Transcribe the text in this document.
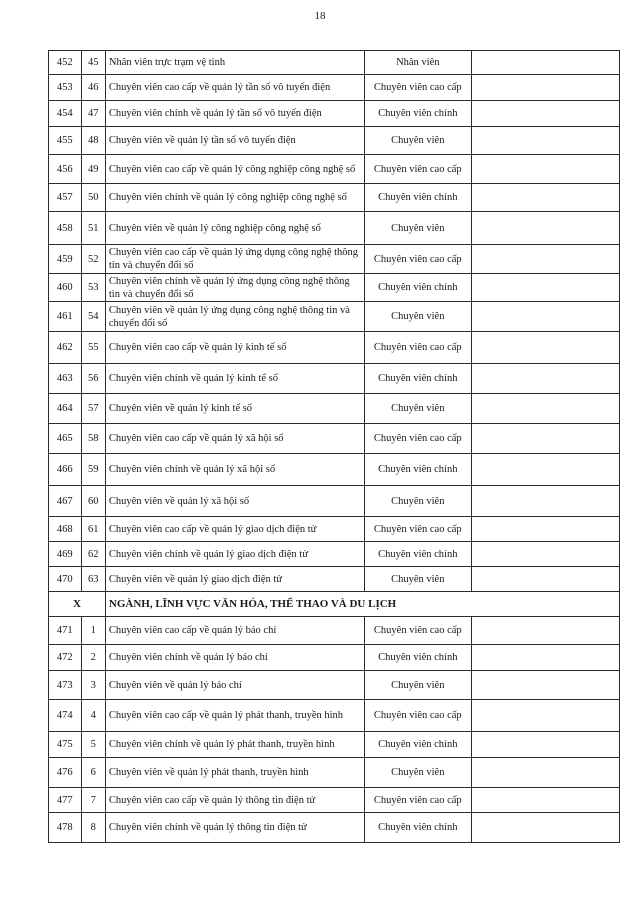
18
452	45	Nhân viên trực trạm vệ tinh	Nhân viên	
453	46	Chuyên viên cao cấp về quản lý tần số vô tuyến điện	Chuyên viên cao cấp	
454	47	Chuyên viên chính về quản lý tần số vô tuyến điện	Chuyên viên chính	
455	48	Chuyên viên về quản lý tần số vô tuyến điện	Chuyên viên	
456	49	Chuyên viên cao cấp về quản lý công nghiệp công nghệ số	Chuyên viên cao cấp	
457	50	Chuyên viên chính về quản lý công nghiệp công nghệ số	Chuyên viên chính	
458	51	Chuyên viên về quản lý công nghiệp công nghệ số	Chuyên viên	
459	52	Chuyên viên cao cấp về quản lý ứng dụng công nghệ thông tin và chuyển đổi số	Chuyên viên cao cấp	
460	53	Chuyên viên chính về quản lý ứng dụng công nghệ thông tin và chuyển đổi số	Chuyên viên chính	
461	54	Chuyên viên về quản lý ứng dụng công nghệ thông tin và chuyển đổi số	Chuyên viên	
462	55	Chuyên viên cao cấp về quản lý kinh tế số	Chuyên viên cao cấp	
463	56	Chuyên viên chính về quản lý kinh tế số	Chuyên viên chính	
464	57	Chuyên viên về quản lý kinh tế số	Chuyên viên	
465	58	Chuyên viên cao cấp về quản lý xã hội số	Chuyên viên cao cấp	
466	59	Chuyên viên chính về quản lý xã hội số	Chuyên viên chính	
467	60	Chuyên viên về quản lý xã hội số	Chuyên viên	
468	61	Chuyên viên cao cấp về quản lý giao dịch điện tử	Chuyên viên cao cấp	
469	62	Chuyên viên chính về quản lý giao dịch điện tử	Chuyên viên chính	
470	63	Chuyên viên về quản lý giao dịch điện tử	Chuyên viên	
X		NGÀNH, LĨNH VỰC VĂN HÓA, THỂ THAO VÀ DU LỊCH		
471	1	Chuyên viên cao cấp về quản lý báo chí	Chuyên viên cao cấp	
472	2	Chuyên viên chính về quản lý báo chí	Chuyên viên chính	
473	3	Chuyên viên về quản lý báo chí	Chuyên viên	
474	4	Chuyên viên cao cấp về quản lý phát thanh, truyền hình	Chuyên viên cao cấp	
475	5	Chuyên viên chính về quản lý phát thanh, truyền hình	Chuyên viên chính	
476	6	Chuyên viên về quản lý phát thanh, truyền hình	Chuyên viên	
477	7	Chuyên viên cao cấp về quản lý thông tin điện tử	Chuyên viên cao cấp	
478	8	Chuyên viên chính về quản lý thông tin điện tử	Chuyên viên chính	
